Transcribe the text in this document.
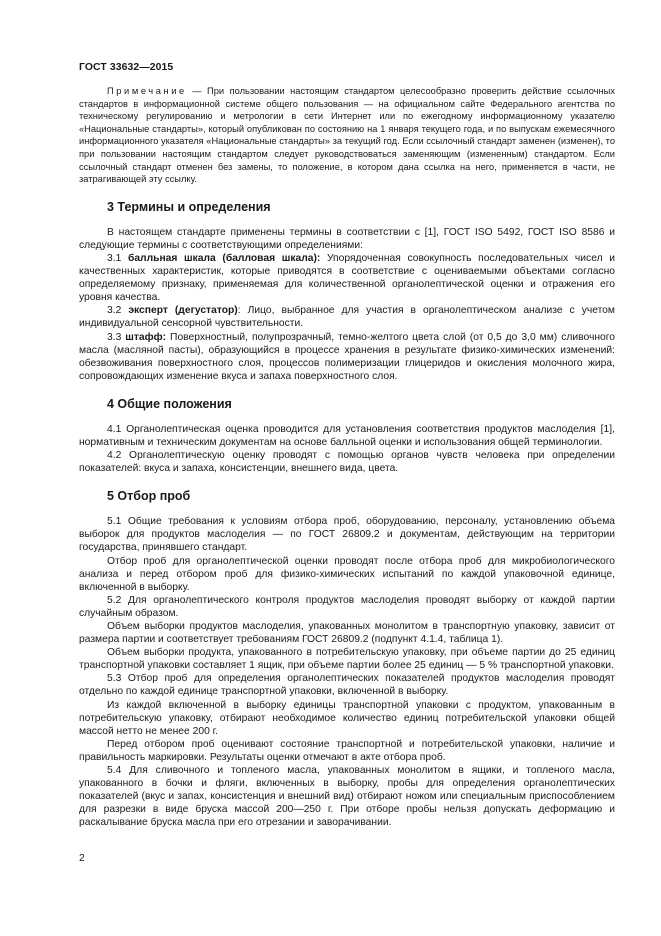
ГОСТ 33632—2015

Примечание — При пользовании настоящим стандартом целесообразно проверить действие ссылочных стандартов в информационной системе общего пользования — на официальном сайте Федерального агентства по техническому регулированию и метрологии в сети Интернет или по ежегодному информационному указателю «Национальные стандарты», который опубликован по состоянию на 1 января текущего года, и по выпускам ежемесячного информационного указателя «Национальные стандарты» за текущий год. Если ссылочный стандарт заменен (изменен), то при пользовании настоящим стандартом следует руководствоваться заменяющим (измененным) стандартом. Если ссылочный стандарт отменен без замены, то положение, в котором дана ссылка на него, применяется в части, не затрагивающей эту ссылку.

3 Термины и определения

В настоящем стандарте применены термины в соответствии с [1], ГОСТ ISO 5492, ГОСТ ISO 8586 и следующие термины с соответствующими определениями:

3.1 балльная шкала (балловая шкала): Упорядоченная совокупность последовательных чисел и качественных характеристик, которые приводятся в соответствие с оцениваемыми объектами согласно определяемому признаку, применяемая для количественной органолептической оценки и отражения его уровня качества.

3.2 эксперт (дегустатор): Лицо, выбранное для участия в органолептическом анализе с учетом индивидуальной сенсорной чувствительности.

3.3 штафф: Поверхностный, полупрозрачный, темно-желтого цвета слой (от 0,5 до 3,0 мм) сливочного масла (масляной пасты), образующийся в процессе хранения в результате физико-химических изменений: обезвоживания поверхностного слоя, процессов полимеризации глицеридов и окисления молочного жира, сопровождающих изменение вкуса и запаха поверхностного слоя.

4 Общие положения

4.1 Органолептическая оценка проводится для установления соответствия продуктов маслоделия [1], нормативным и техническим документам на основе балльной оценки и использования общей терминологии.

4.2 Органолептическую оценку проводят с помощью органов чувств человека при определении показателей: вкуса и запаха, консистенции, внешнего вида, цвета.

5 Отбор проб

5.1 Общие требования к условиям отбора проб, оборудованию, персоналу, установлению объема выборок для продуктов маслоделия — по ГОСТ 26809.2 и документам, действующим на территории государства, принявшего стандарт.

Отбор проб для органолептической оценки проводят после отбора проб для микробиологического анализа и перед отбором проб для физико-химических испытаний по каждой упаковочной единице, включенной в выборку.

5.2 Для органолептического контроля продуктов маслоделия проводят выборку от каждой партии случайным образом.

Объем выборки продуктов маслоделия, упакованных монолитом в транспортную упаковку, зависит от размера партии и соответствует требованиям ГОСТ 26809.2 (подпункт 4.1.4, таблица 1).

Объем выборки продукта, упакованного в потребительскую упаковку, при объеме партии до 25 единиц транспортной упаковки составляет 1 ящик, при объеме партии более 25 единиц — 5 % транспортной упаковки.

5.3 Отбор проб для определения органолептических показателей продуктов маслоделия проводят отдельно по каждой единице транспортной упаковки, включенной в выборку.

Из каждой включенной в выборку единицы транспортной упаковки с продуктом, упакованным в потребительскую упаковку, отбирают необходимое количество единиц потребительской упаковки общей массой нетто не менее 200 г.

Перед отбором проб оценивают состояние транспортной и потребительской упаковки, наличие и правильность маркировки. Результаты оценки отмечают в акте отбора проб.

5.4 Для сливочного и топленого масла, упакованных монолитом в ящики, и топленого масла, упакованного в бочки и фляги, включенных в выборку, пробы для определения органолептических показателей (вкус и запах, консистенция и внешний вид) отбирают ножом или специальным приспособлением для разрезки в виде бруска массой 200—250 г. При отборе пробы нельзя допускать деформацию и раскалывание бруска масла при его отрезании и заворачивании.

2
